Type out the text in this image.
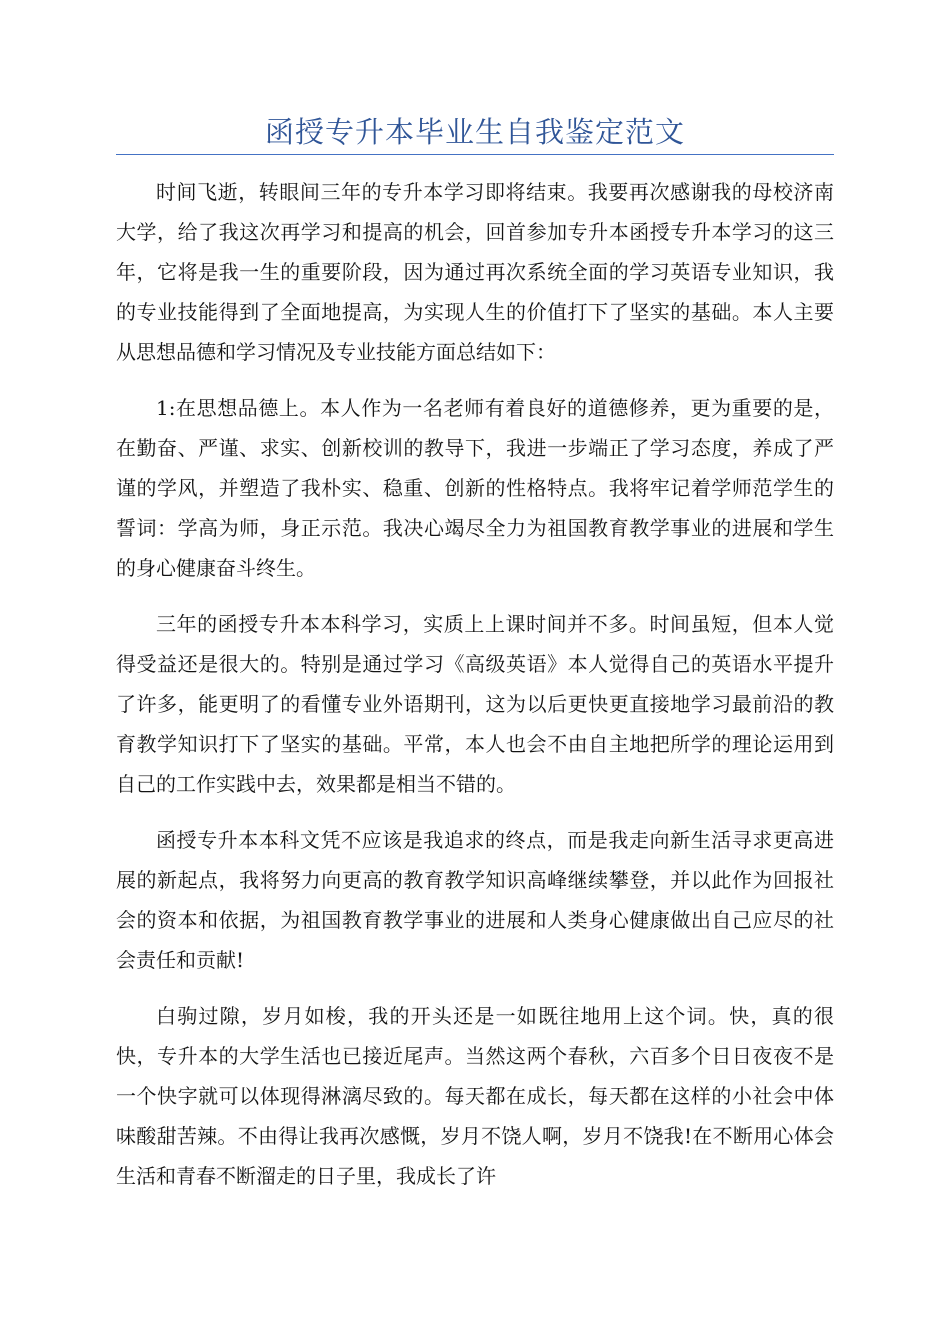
函授专升本毕业生自我鉴定范文

时间飞逝，转眼间三年的专升本学习即将结束。我要再次感谢我的母校济南大学，给了我这次再学习和提高的机会，回首参加专升本函授专升本学习的这三年，它将是我一生的重要阶段，因为通过再次系统全面的学习英语专业知识，我的专业技能得到了全面地提高，为实现人生的价值打下了坚实的基础。本人主要从思想品德和学习情况及专业技能方面总结如下：

1:在思想品德上。本人作为一名老师有着良好的道德修养，更为重要的是，在勤奋、严谨、求实、创新校训的教导下，我进一步端正了学习态度，养成了严谨的学风，并塑造了我朴实、稳重、创新的性格特点。我将牢记着学师范学生的誓词：学高为师，身正示范。我决心竭尽全力为祖国教育教学事业的进展和学生的身心健康奋斗终生。

三年的函授专升本本科学习，实质上上课时间并不多。时间虽短，但本人觉得受益还是很大的。特别是通过学习《高级英语》本人觉得自己的英语水平提升了许多，能更明了的看懂专业外语期刊，这为以后更快更直接地学习最前沿的教育教学知识打下了坚实的基础。平常，本人也会不由自主地把所学的理论运用到自己的工作实践中去，效果都是相当不错的。

函授专升本本科文凭不应该是我追求的终点，而是我走向新生活寻求更高进展的新起点，我将努力向更高的教育教学知识高峰继续攀登，并以此作为回报社会的资本和依据，为祖国教育教学事业的进展和人类身心健康做出自己应尽的社会责任和贡献!

白驹过隙，岁月如梭，我的开头还是一如既往地用上这个词。快，真的很快，专升本的大学生活也已接近尾声。当然这两个春秋，六百多个日日夜夜不是一个快字就可以体现得淋漓尽致的。每天都在成长，每天都在这样的小社会中体味酸甜苦辣。不由得让我再次感慨，岁月不饶人啊，岁月不饶我!在不断用心体会生活和青春不断溜走的日子里，我成长了许
